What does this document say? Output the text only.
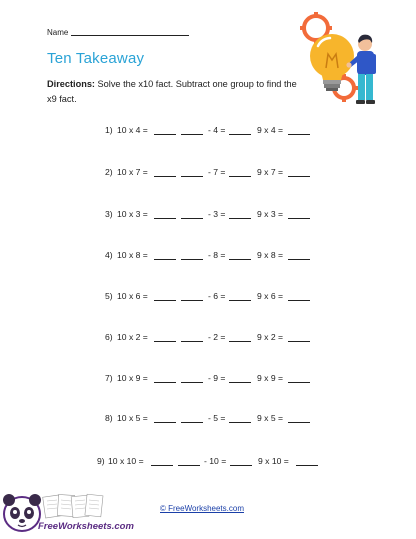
Name
Ten Takeaway
Directions: Solve the x10 fact. Subtract one group to find the x9 fact.
1) 10 x 4 =	- 4 =	9 x 4 =
2) 10 x 7 =	- 7 =	9 x 7 =
3) 10 x 3 =	- 3 =	9 x 3 =
4) 10 x 8 =	- 8 =	9 x 8 =
5) 10 x 6 =	- 6 =	9 x 6 =
6) 10 x 2 =	- 2 =	9 x 2 =
7) 10 x 9 =	- 9 =	9 x 9 =
8) 10 x 5 =	- 5 =	9 x 5 =
9) 10 x 10 =	- 10 =	9 x 10 =
FreeWorksheets.com
© FreeWorksheets.com
